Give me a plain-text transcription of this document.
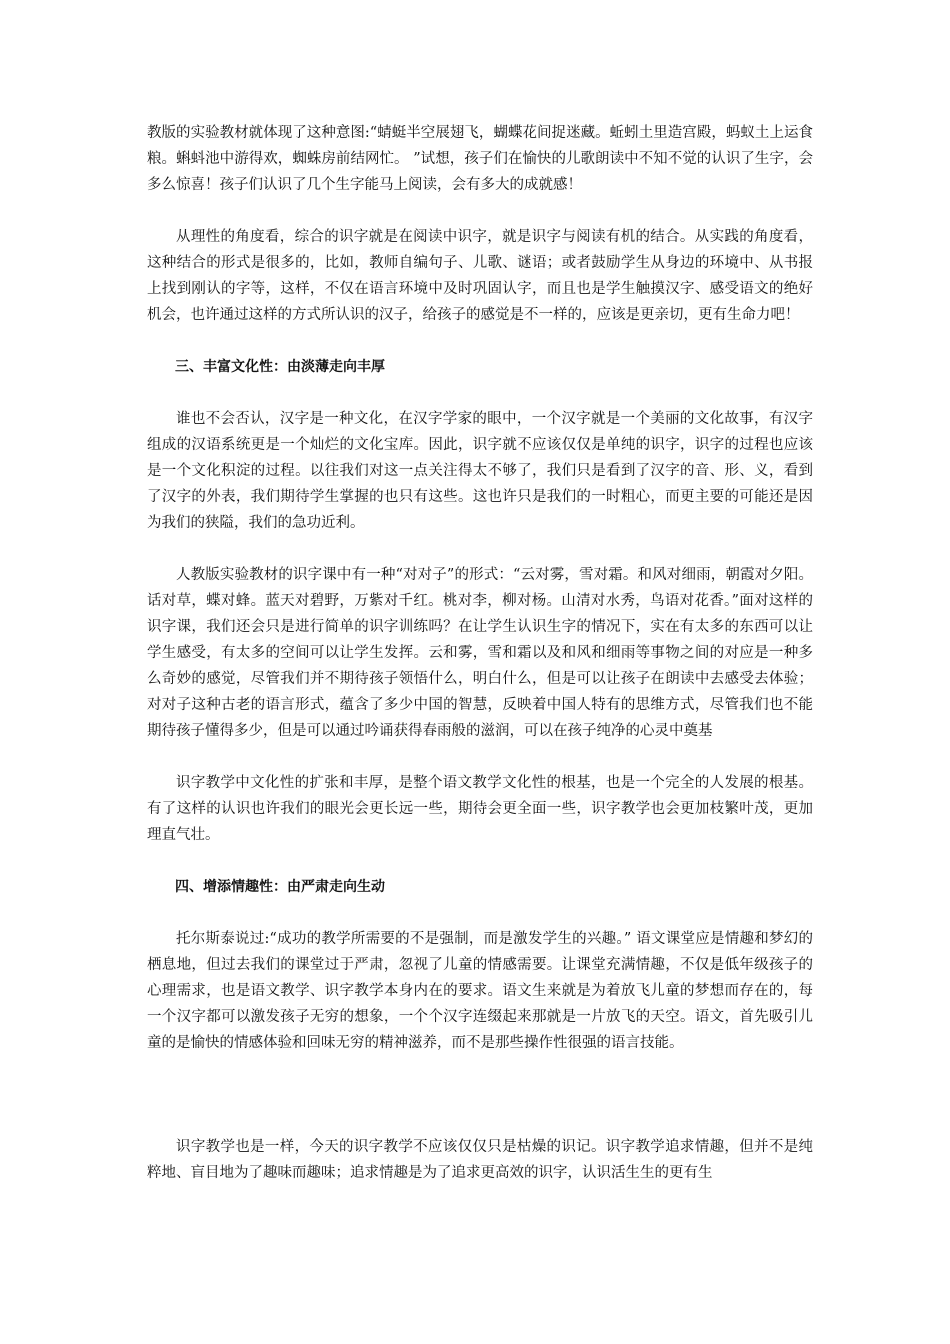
教版的实验教材就体现了这种意图:“蜻蜓半空展翅飞，蝴蝶花间捉迷藏。蚯蚓土里造宫殿，蚂蚁土上运食粮。蝌蚪池中游得欢，蜘蛛房前结网忙。 ”试想，孩子们在愉快的儿歌朗读中不知不觉的认识了生字，会多么惊喜！孩子们认识了几个生字能马上阅读，会有多大的成就感！

从理性的角度看，综合的识字就是在阅读中识字，就是识字与阅读有机的结合。从实践的角度看，这种结合的形式是很多的，比如，教师自编句子、儿歌、谜语；或者鼓励学生从身边的环境中、从书报上找到刚认的字等，这样，不仅在语言环境中及时巩固认字，而且也是学生触摸汉字、感受语文的绝好机会，也许通过这样的方式所认识的汉子，给孩子的感觉是不一样的，应该是更亲切，更有生命力吧！

三、丰富文化性：由淡薄走向丰厚

谁也不会否认，汉字是一种文化，在汉字学家的眼中，一个汉字就是一个美丽的文化故事，有汉字组成的汉语系统更是一个灿烂的文化宝库。因此，识字就不应该仅仅是单纯的识字，识字的过程也应该是一个文化积淀的过程。以往我们对这一点关注得太不够了，我们只是看到了汉字的音、形、义，看到了汉字的外表，我们期待学生掌握的也只有这些。这也许只是我们的一时粗心，而更主要的可能还是因为我们的狭隘，我们的急功近利。

人教版实验教材的识字课中有一种“对对子”的形式：“云对雾，雪对霜。和风对细雨，朝霞对夕阳。话对草，蝶对蜂。蓝天对碧野，万紫对千红。桃对李，柳对杨。山清对水秀，鸟语对花香。”面对这样的识字课，我们还会只是进行简单的识字训练吗？在让学生认识生字的情况下，实在有太多的东西可以让学生感受，有太多的空间可以让学生发挥。云和雾，雪和霜以及和风和细雨等事物之间的对应是一种多么奇妙的感觉，尽管我们并不期待孩子领悟什么，明白什么，但是可以让孩子在朗读中去感受去体验；对对子这种古老的语言形式，蕴含了多少中国的智慧，反映着中国人特有的思维方式，尽管我们也不能期待孩子懂得多少，但是可以通过吟诵获得春雨般的滋润，可以在孩子纯净的心灵中奠基

识字教学中文化性的扩张和丰厚，是整个语文教学文化性的根基，也是一个完全的人发展的根基。有了这样的认识也许我们的眼光会更长远一些，期待会更全面一些，识字教学也会更加枝繁叶茂，更加理直气壮。

四、增添情趣性：由严肃走向生动

托尔斯泰说过:“成功的教学所需要的不是强制，而是激发学生的兴趣。” 语文课堂应是情趣和梦幻的栖息地，但过去我们的课堂过于严肃，忽视了儿童的情感需要。让课堂充满情趣，不仅是低年级孩子的心理需求，也是语文教学、识字教学本身内在的要求。语文生来就是为着放飞儿童的梦想而存在的，每一个汉字都可以激发孩子无穷的想象，一个个汉字连缀起来那就是一片放飞的天空。语文，首先吸引儿童的是愉快的情感体验和回味无穷的精神滋养，而不是那些操作性很强的语言技能。

识字教学也是一样，今天的识字教学不应该仅仅只是枯燥的识记。识字教学追求情趣，但并不是纯粹地、盲目地为了趣味而趣味；追求情趣是为了追求更高效的识字，认识活生生的更有生
